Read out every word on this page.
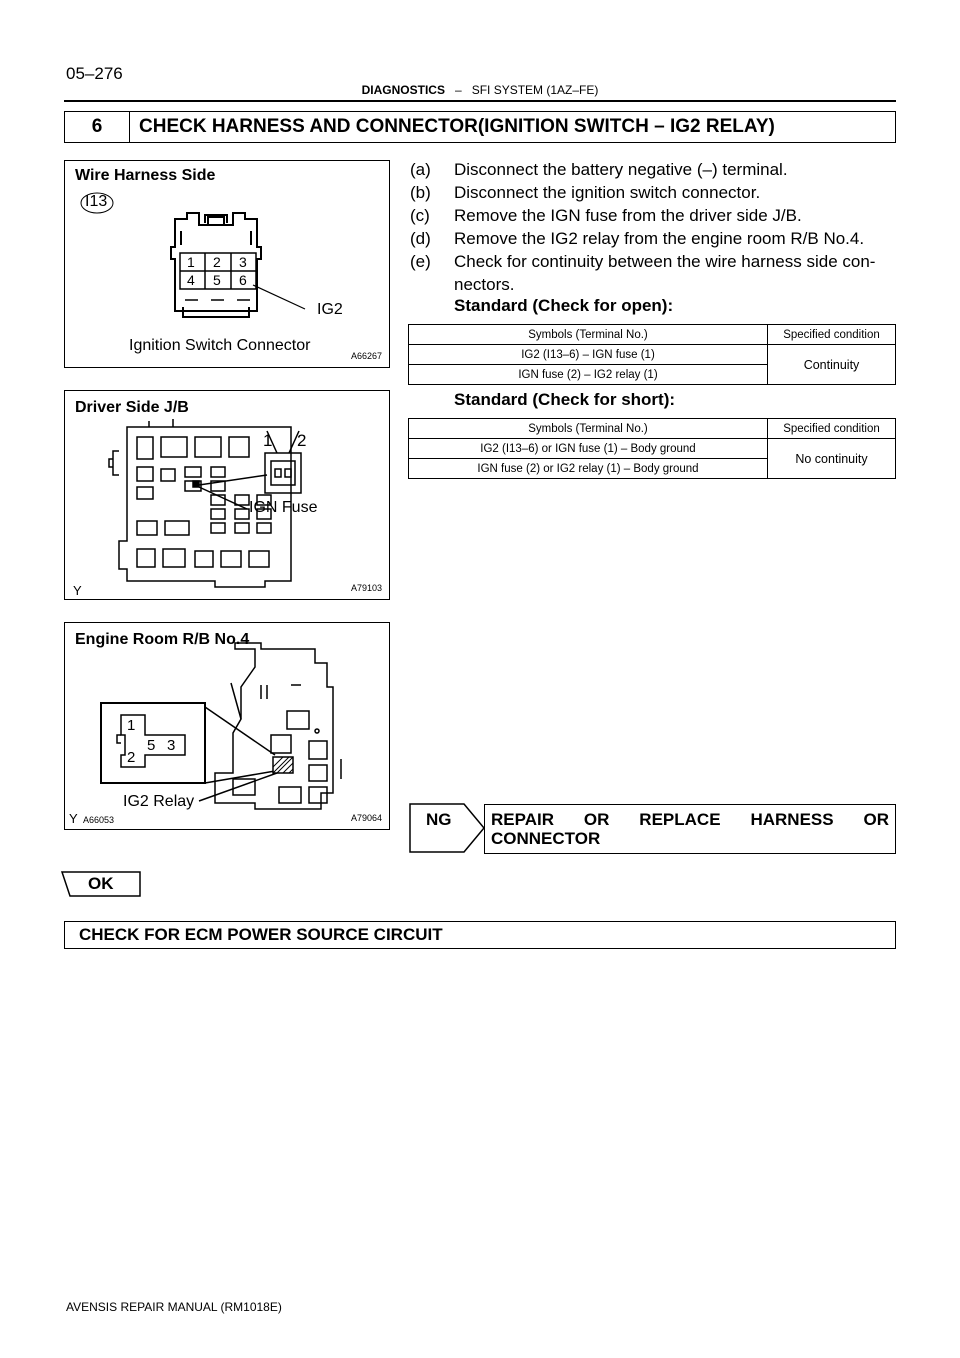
05–276
DIAGNOSTICS – SFI SYSTEM (1AZ–FE)
6	CHECK HARNESS AND CONNECTOR(IGNITION SWITCH – IG2 RELAY)
Wire Harness Side
I13
1 2 3
4 5 6
IG2
Ignition Switch Connector
A66267
Driver Side J/B
1 2
IGN Fuse
Y	A79103
Engine Room R/B No.4
1
5 3
2
IG2 Relay
Y A66053	A79064
(a) Disconnect the battery negative (–) terminal.
(b) Disconnect the ignition switch connector.
(c) Remove the IGN fuse from the driver side J/B.
(d) Remove the IG2 relay from the engine room R/B No.4.
(e) Check for continuity between the wire harness side con-
nectors.
Standard (Check for open):
Symbols (Terminal No.)	Specified condition
IG2 (I13–6) – IGN fuse (1)	Continuity
IGN fuse (2) – IG2 relay (1)	
Standard (Check for short):
Symbols (Terminal No.)	Specified condition
IG2 (I13–6) or IGN fuse (1) – Body ground	No continuity
IGN fuse (2) or IG2 relay (1) – Body ground	
NG REPAIR OR REPLACE HARNESS OR
CONNECTOR
OK
CHECK FOR ECM POWER SOURCE CIRCUIT
AVENSIS REPAIR MANUAL (RM1018E)
